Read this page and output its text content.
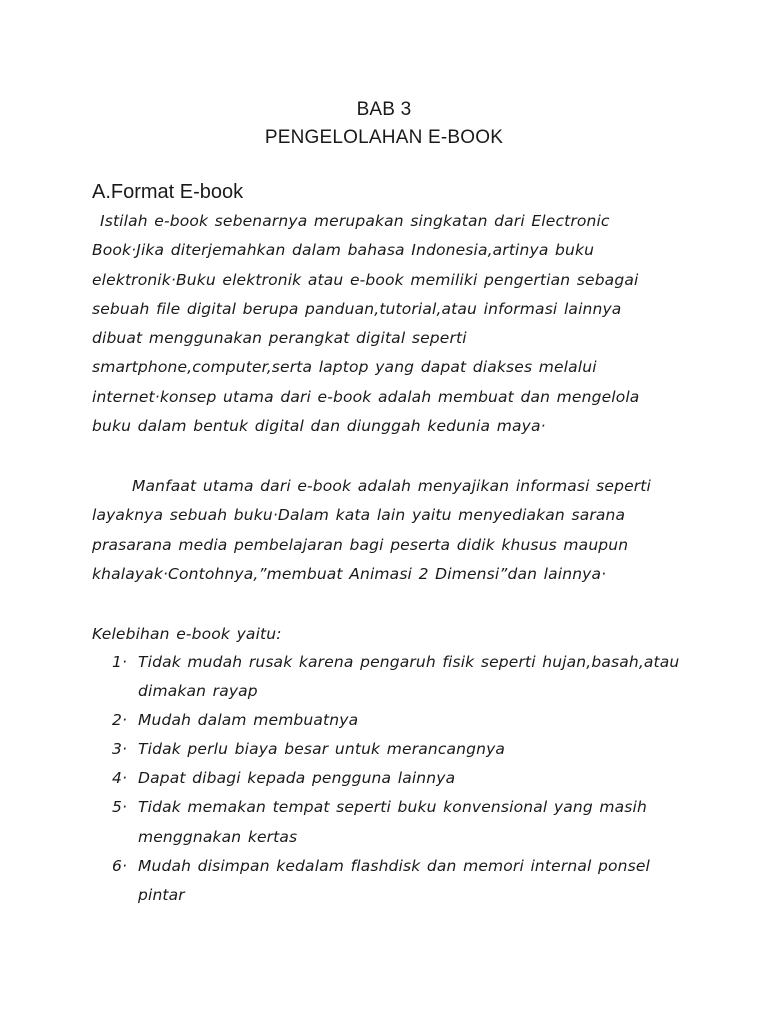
BAB 3
PENGELOLAHAN E-BOOK
A.Format E-book

Istilah e-book sebenarnya merupakan singkatan dari Electronic
Book·Jika diterjemahkan dalam bahasa Indonesia,artinya buku
elektronik·Buku elektronik atau e-book memiliki pengertian sebagai
sebuah file digital berupa panduan,tutorial,atau informasi lainnya
dibuat menggunakan perangkat digital seperti
smartphone,computer,serta laptop yang dapat diakses melalui
internet·konsep utama dari e-book adalah membuat dan mengelola
buku dalam bentuk digital dan diunggah kedunia maya·

Manfaat utama dari e-book adalah menyajikan informasi seperti
layaknya sebuah buku·Dalam kata lain yaitu menyediakan sarana
prasarana media pembelajaran bagi peserta didik khusus maupun
khalayak·Contohnya,”membuat Animasi 2 Dimensi”dan lainnya·

Kelebihan e-book yaitu:
1· Tidak mudah rusak karena pengaruh fisik seperti hujan,basah,atau
dimakan rayap
2· Mudah dalam membuatnya
3· Tidak perlu biaya besar untuk merancangnya
4· Dapat dibagi kepada pengguna lainnya
5· Tidak memakan tempat seperti buku konvensional yang masih
menggnakan kertas
6· Mudah disimpan kedalam flashdisk dan memori internal ponsel
pintar
